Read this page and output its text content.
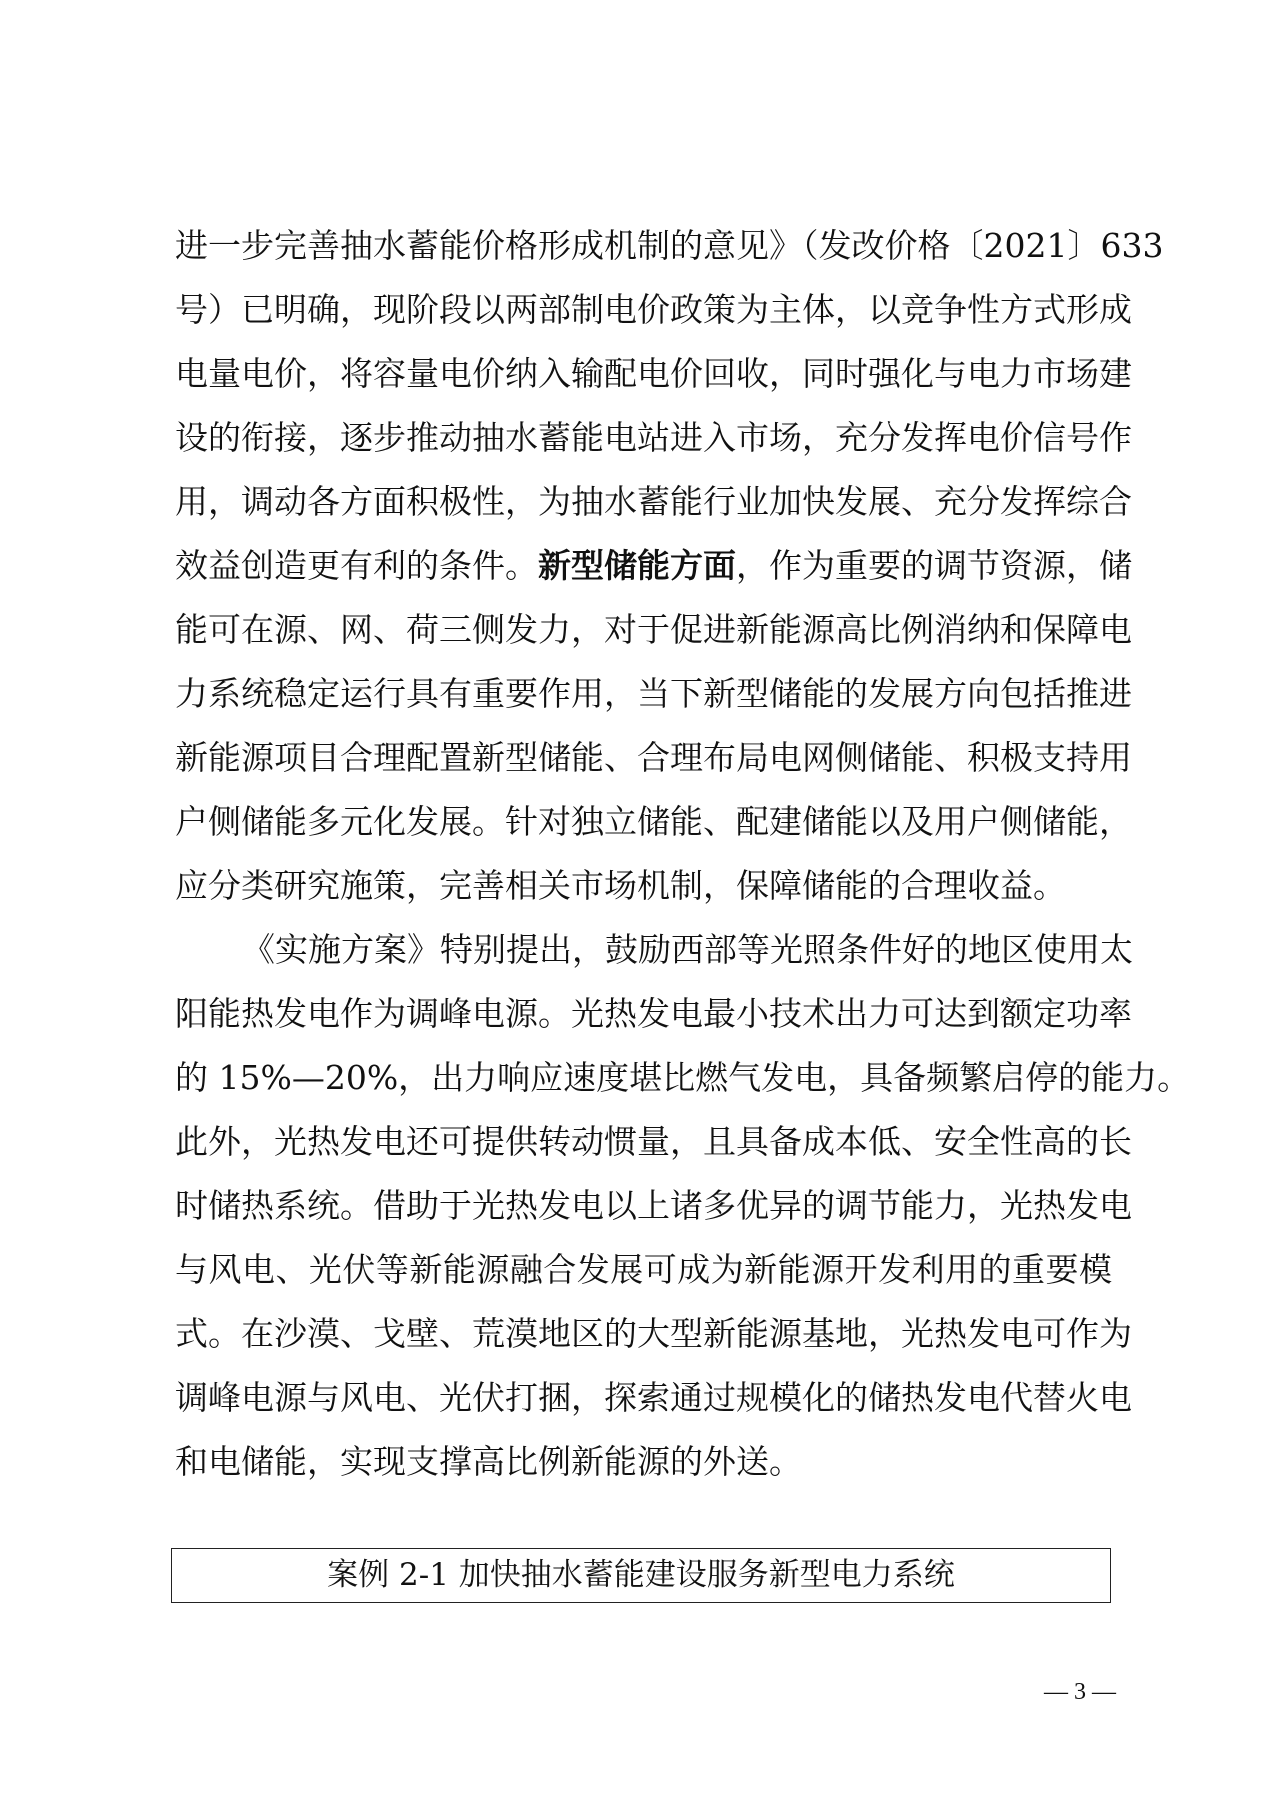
进一步完善抽水蓄能价格形成机制的意见》（发改价格〔2021〕633
号）已明确，现阶段以两部制电价政策为主体，以竞争性方式形成
电量电价，将容量电价纳入输配电价回收，同时强化与电力市场建
设的衔接，逐步推动抽水蓄能电站进入市场，充分发挥电价信号作
用，调动各方面积极性，为抽水蓄能行业加快发展、充分发挥综合
效益创造更有利的条件。新型储能方面，作为重要的调节资源，储
能可在源、网、荷三侧发力，对于促进新能源高比例消纳和保障电
力系统稳定运行具有重要作用，当下新型储能的发展方向包括推进
新能源项目合理配置新型储能、合理布局电网侧储能、积极支持用
户侧储能多元化发展。针对独立储能、配建储能以及用户侧储能，
应分类研究施策，完善相关市场机制，保障储能的合理收益。
《实施方案》特别提出，鼓励西部等光照条件好的地区使用太
阳能热发电作为调峰电源。光热发电最小技术出力可达到额定功率
的 15%—20%，出力响应速度堪比燃气发电，具备频繁启停的能力。
此外，光热发电还可提供转动惯量，且具备成本低、安全性高的长
时储热系统。借助于光热发电以上诸多优异的调节能力，光热发电
与风电、光伏等新能源融合发展可成为新能源开发利用的重要模
式。在沙漠、戈壁、荒漠地区的大型新能源基地，光热发电可作为
调峰电源与风电、光伏打捆，探索通过规模化的储热发电代替火电
和电储能，实现支撑高比例新能源的外送。
案例 2-1 加快抽水蓄能建设服务新型电力系统
— 3 —
